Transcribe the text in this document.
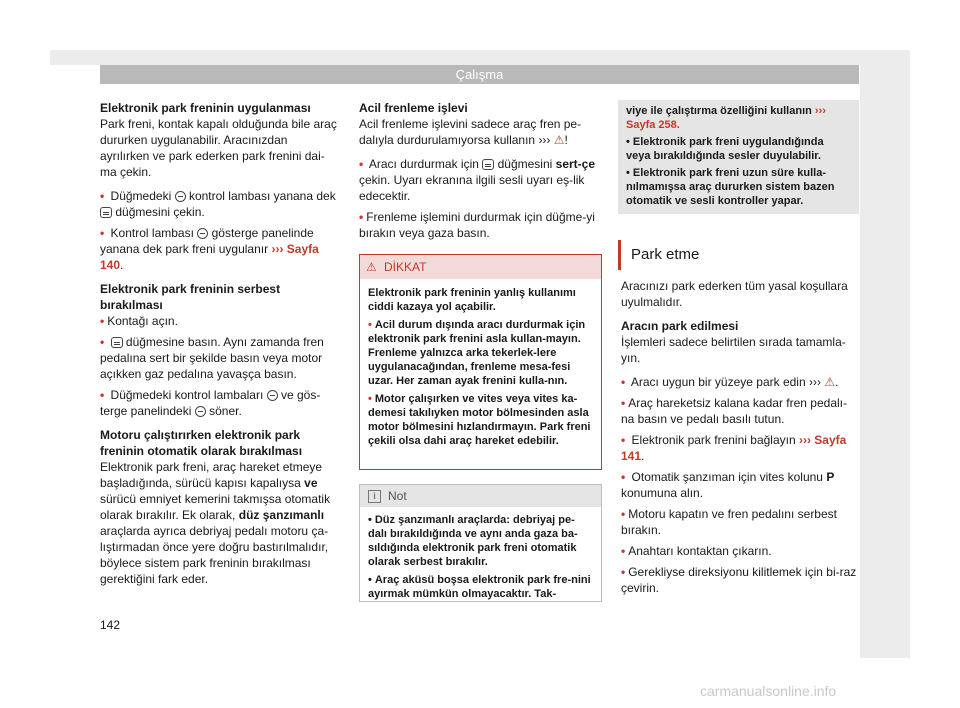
Çalışma
Elektronik park freninin uygulanması

Park freni, kontak kapalı olduğunda bile araç dururken uygulanabilir. Aracınızdan ayrılırken ve park ederken park frenini dai-ma çekin.

• Düğmedeki kontrol lambası yanana dek  düğmesini çekin.

• Kontrol lambası gösterge panelinde yanana dek park freni uygulanır ››› Sayfa 140.

Elektronik park freninin serbest bırakılması

• Kontağı açın.

• düğmesine basın. Aynı zamanda fren pedalına sert bir şekilde basın veya motor açıkken gaz pedalına yavaşça basın.

• Düğmedeki kontrol lambaları ve gös-terge panelindeki söner.

Motoru çalıştırırken elektronik park freninin otomatik olarak bırakılması

Elektronik park freni, araç hareket etmeye başladığında, sürücü kapısı kapalıysa ve sürücü emniyet kemerini takmışsa otomatik olarak bırakılır. Ek olarak, düz şanzımanlı araçlarda ayrıca debriyaj pedalı motoru ça-lıştırmadan önce yere doğru bastırılmalıdır, böylece sistem park freninin bırakılması gerektiğini fark eder.

Acil frenleme işlevi

Acil frenleme işlevini sadece araç fren pe-dalıyla durdurulamıyorsa kullanın ››› ⚠!

• Aracı durdurmak için düğmesini sert-çe çekin. Uyarı ekranına ilgili sesli uyarı eş-lik edecektir.

• Frenleme işlemini durdurmak için düğme-yi bırakın veya gaza basın.

⚠ DİKKAT

Elektronik park freninin yanlış kullanımı ciddi kazaya yol açabilir.

• Acil durum dışında aracı durdurmak için elektronik park frenini asla kullan-mayın. Frenleme yalnızca arka tekerlek-lere uygulanacağından, frenleme mesa-fesi uzar. Her zaman ayak frenini kulla-nın.

• Motor çalışırken ve vites veya vites ka-demesi takılıyken motor bölmesinden asla motor bölmesini hızlandırmayın. Park freni çekili olsa dahi araç hareket edebilir.

i	Not

• Düz şanzımanlı araçlarda: debriyaj pe-dalı bırakıldığında ve aynı anda gaza ba-sıldığında elektronik park freni otomatik olarak serbest bırakılır.

• Araç aküsü boşsa elektronik park fre-nini ayırmak mümkün olmayacaktır. Tak-

viye ile çalıştırma özelliğini kullanın ››› Sayfa 258.

• Elektronik park freni uygulandığında veya bırakıldığında sesler duyulabilir.

• Elektronik park freni uzun süre kulla-nılmamışsa araç dururken sistem bazen otomatik ve sesli kontroller yapar.

Park etme

Aracınızı park ederken tüm yasal koşullara uyulmalıdır.

Aracın park edilmesi

İşlemleri sadece belirtilen sırada tamamla-yın.

• Aracı uygun bir yüzeye park edin ››› ⚠.

• Araç hareketsiz kalana kadar fren pedalı-na basın ve pedalı basılı tutun.

• Elektronik park frenini bağlayın ››› Sayfa 141.

• Otomatik şanzıman için vites kolunu P konumuna alın.

• Motoru kapatın ve fren pedalını serbest bırakın.

• Anahtarı kontaktan çıkarın.

• Gerekliyse direksiyonu kilitlemek için bi-raz çevirin.

142
carmanualsonline.info
